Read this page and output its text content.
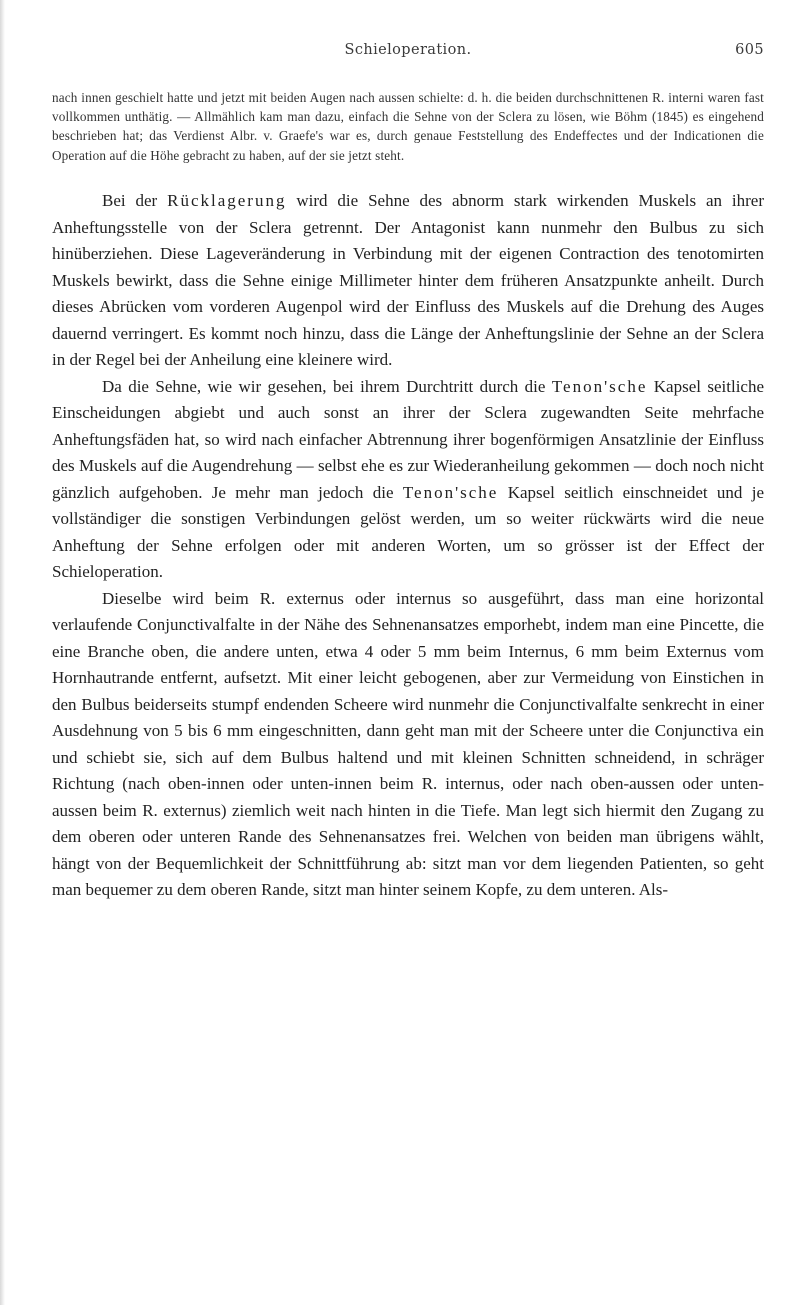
Schieloperation.	605

nach innen geschielt hatte und jetzt mit beiden Augen nach aussen schielte: d. h. die beiden durchschnittenen R. interni waren fast vollkommen unthätig. — Allmählich kam man dazu, einfach die Sehne von der Sclera zu lösen, wie Böhm (1845) es eingehend beschrieben hat; das Verdienst Albr. v. Graefe's war es, durch genaue Feststellung des Endeffectes und der Indicationen die Operation auf die Höhe gebracht zu haben, auf der sie jetzt steht.

Bei der Rücklagerung wird die Sehne des abnorm stark wirkenden Muskels an ihrer Anheftungsstelle von der Sclera getrennt. Der Antagonist kann nunmehr den Bulbus zu sich hinüberziehen. Diese Lageveränderung in Verbindung mit der eigenen Contraction des tenotomirten Muskels bewirkt, dass die Sehne einige Millimeter hinter dem früheren Ansatzpunkte anheilt. Durch dieses Abrücken vom vorderen Augenpol wird der Einfluss des Muskels auf die Drehung des Auges dauernd verringert. Es kommt noch hinzu, dass die Länge der Anheftungslinie der Sehne an der Sclera in der Regel bei der Anheilung eine kleinere wird.

Da die Sehne, wie wir gesehen, bei ihrem Durchtritt durch die Tenon'sche Kapsel seitliche Einscheidungen abgiebt und auch sonst an ihrer der Sclera zugewandten Seite mehrfache Anheftungsfäden hat, so wird nach einfacher Abtrennung ihrer bogenförmigen Ansatzlinie der Einfluss des Muskels auf die Augendrehung — selbst ehe es zur Wiederanheilung gekommen — doch noch nicht gänzlich aufgehoben. Je mehr man jedoch die Tenon'sche Kapsel seitlich einschneidet und je vollständiger die sonstigen Verbindungen gelöst werden, um so weiter rückwärts wird die neue Anheftung der Sehne erfolgen oder mit anderen Worten, um so grösser ist der Effect der Schieloperation.

Dieselbe wird beim R. externus oder internus so ausgeführt, dass man eine horizontal verlaufende Conjunctivalfalte in der Nähe des Sehnenansatzes emporhebt, indem man eine Pincette, die eine Branche oben, die andere unten, etwa 4 oder 5 mm beim Internus, 6 mm beim Externus vom Hornhautrande entfernt, aufsetzt. Mit einer leicht gebogenen, aber zur Vermeidung von Einstichen in den Bulbus beiderseits stumpf endenden Scheere wird nunmehr die Conjunctivalfalte senkrecht in einer Ausdehnung von 5 bis 6 mm eingeschnitten, dann geht man mit der Scheere unter die Conjunctiva ein und schiebt sie, sich auf dem Bulbus haltend und mit kleinen Schnitten schneidend, in schräger Richtung (nach oben-innen oder unten-innen beim R. internus, oder nach oben-aussen oder unten-aussen beim R. externus) ziemlich weit nach hinten in die Tiefe. Man legt sich hiermit den Zugang zu dem oberen oder unteren Rande des Sehnenansatzes frei. Welchen von beiden man übrigens wählt, hängt von der Bequemlichkeit der Schnittführung ab: sitzt man vor dem liegenden Patienten, so geht man bequemer zu dem oberen Rande, sitzt man hinter seinem Kopfe, zu dem unteren. Als-
